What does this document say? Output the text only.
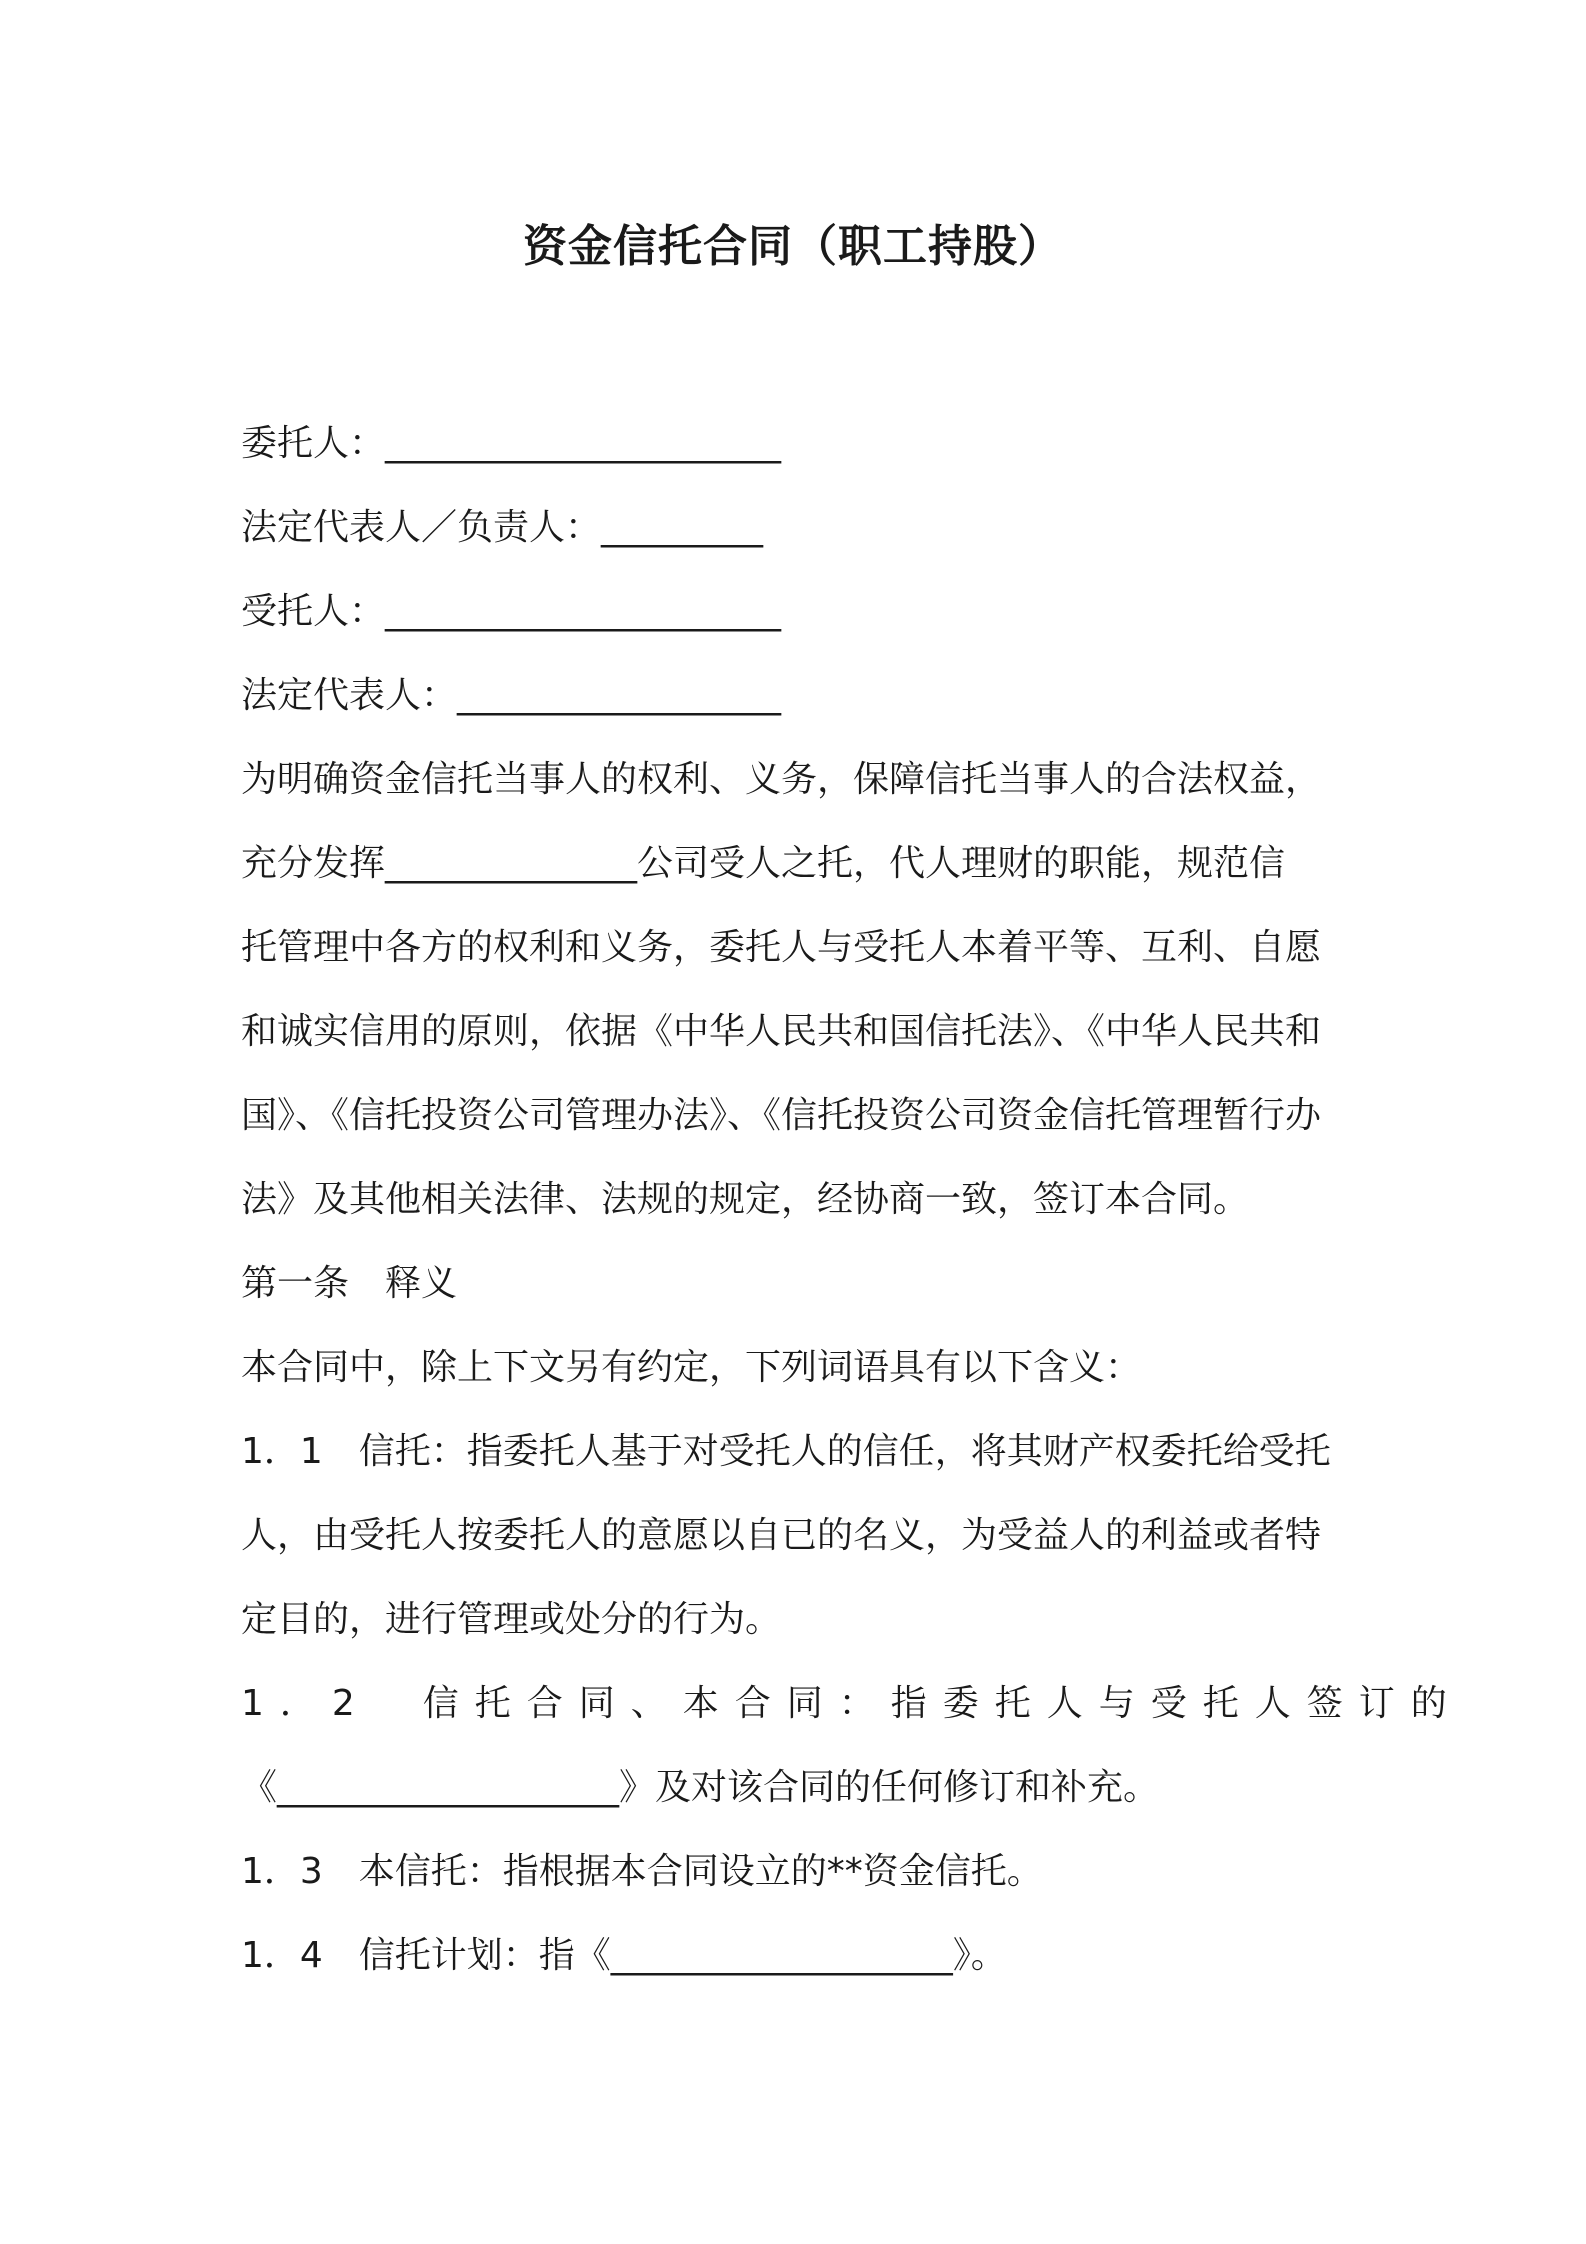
资金信托合同（职工持股）
委托人：______________________
法定代表人／负责人：_________
受托人：______________________
法定代表人：__________________
为明确资金信托当事人的权利、义务，保障信托当事人的合法权益，
充分发挥______________公司受人之托，代人理财的职能，规范信
托管理中各方的权利和义务，委托人与受托人本着平等、互利、自愿
和诚实信用的原则，依据《中华人民共和国信托法》、《中华人民共和
国》、《信托投资公司管理办法》、《信托投资公司资金信托管理暂行办
法》及其他相关法律、法规的规定，经协商一致，签订本合同。
第一条　释义
本合同中，除上下文另有约定，下列词语具有以下含义：
1．1　信托：指委托人基于对受托人的信任，将其财产权委托给受托
人，由受托人按委托人的意愿以自已的名义，为受益人的利益或者特
定目的，进行管理或处分的行为。
1．2　信托合同、本合同：指委托人与受托人签订的
《___________________》及对该合同的任何修订和补充。
1．3　本信托：指根据本合同设立的**资金信托。
1．4　信托计划：指《___________________》。
